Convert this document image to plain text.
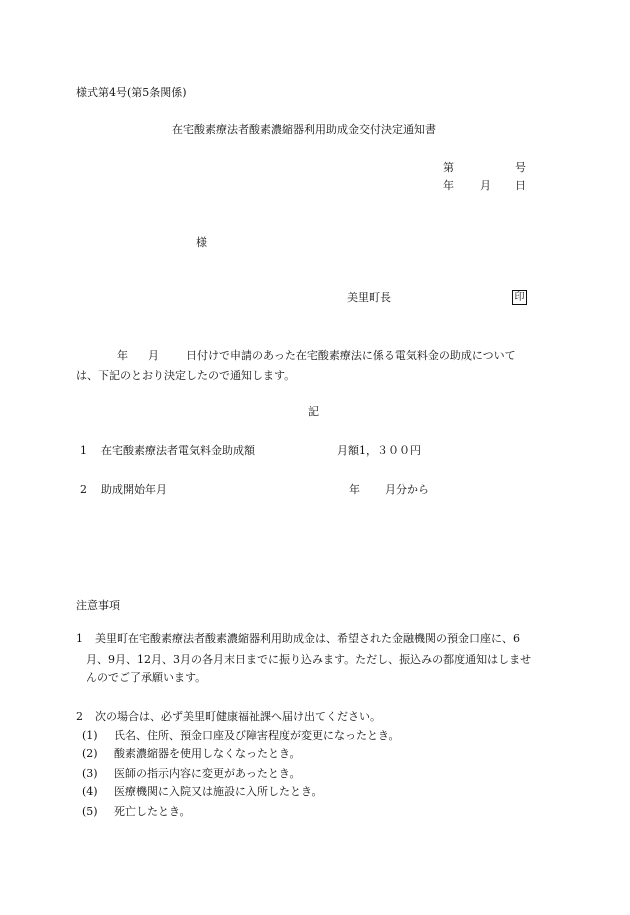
様式第4号(第5条関係)
在宅酸素療法者酸素濃縮器利用助成金交付決定通知書
第	号
年 月 日
様
美里町長	印
年 月 日付けで申請のあった在宅酸素療法に係る電気料金の助成について
は、下記のとおり決定したので通知します。
記
1 在宅酸素療法者電気料金助成額	月額1，３００円
2 助成開始年月	年 月分から
注意事項
1 美里町在宅酸素療法者酸素濃縮器利用助成金は、希望された金融機関の預金口座に、6
月、9月、12月、3月の各月末日までに振り込みます。ただし、振込みの都度通知はしませ
んのでご了承願います。
2 次の場合は、必ず美里町健康福祉課へ届け出てください。
(1) 氏名、住所、預金口座及び障害程度が変更になったとき。
(2) 酸素濃縮器を使用しなくなったとき。
(3) 医師の指示内容に変更があったとき。
(4) 医療機関に入院又は施設に入所したとき。
(5) 死亡したとき。
